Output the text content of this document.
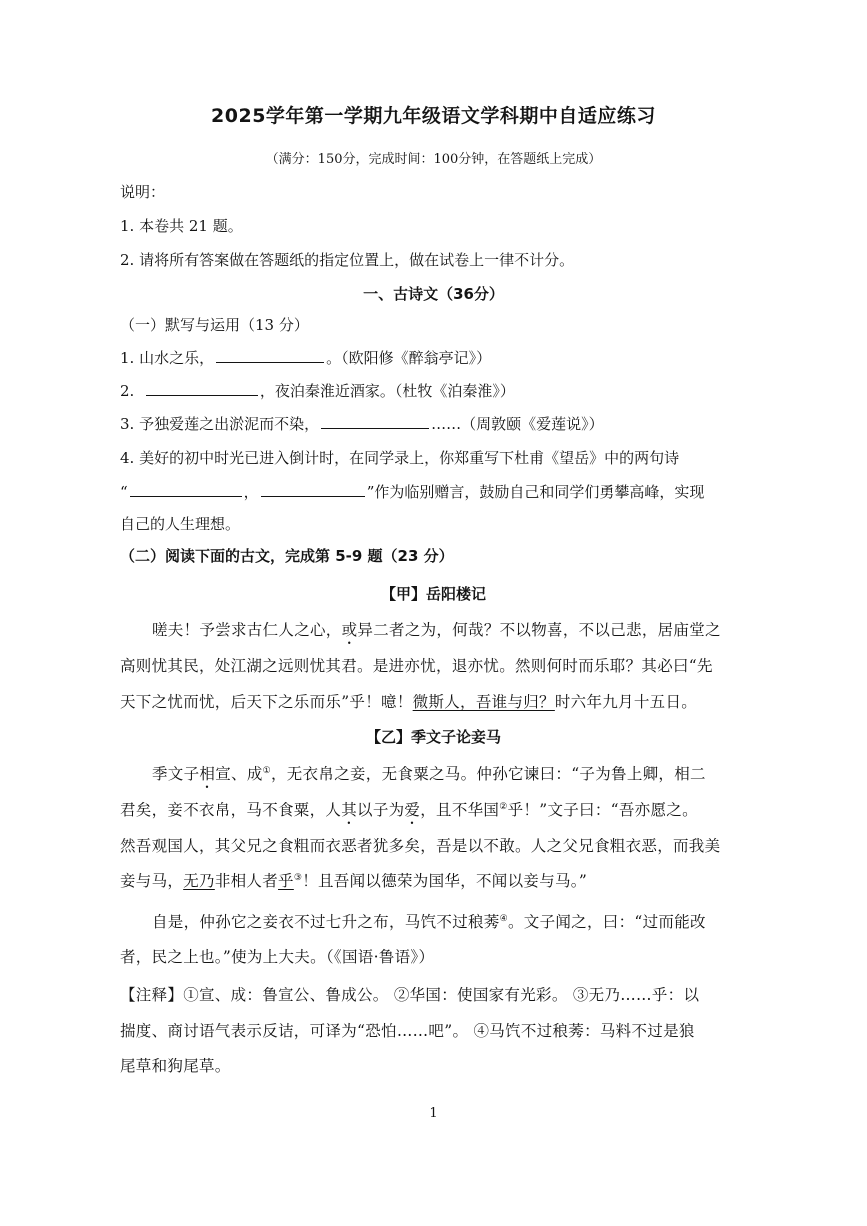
2025学年第一学期九年级语文学科期中自适应练习
（满分：150分，完成时间：100分钟，在答题纸上完成）
说明：
1. 本卷共 21 题。
2. 请将所有答案做在答题纸的指定位置上，做在试卷上一律不计分。
一、古诗文（36分）
（一）默写与运用（13 分）
1. 山水之乐，	。（欧阳修《醉翁亭记》）
2.	，夜泊秦淮近酒家。（杜牧《泊秦淮》）
3. 予独爱莲之出淤泥而不染，	……（周敦颐《爱莲说》）
4. 美好的初中时光已进入倒计时，在同学录上，你郑重写下杜甫《望岳》中的两句诗
“	，	”作为临别赠言，鼓励自己和同学们勇攀高峰，实现
自己的人生理想。
（二）阅读下面的古文，完成第 5-9 题（23 分）
【甲】岳阳楼记
嗟夫！予尝求古仁人之心，或异二者之为，何哉？不以物喜，不以己悲，居庙堂之
高则忧其民，处江湖之远则忧其君。是进亦忧，退亦忧。然则何时而乐耶？其必曰“先
天下之忧而忧，后天下之乐而乐”乎！噫！微斯人，吾谁与归？时六年九月十五日。
【乙】季文子论妾马
季文子相宣、成①，无衣帛之妾，无食粟之马。仲孙它谏曰：“子为鲁上卿，相二
君矣，妾不衣帛，马不食粟，人其以子为爱，且不华国②乎！”文子曰：“吾亦愿之。
然吾观国人，其父兄之食粗而衣恶者犹多矣，吾是以不敢。人之父兄食粗衣恶，而我美
妾与马，无乃非相人者乎③！且吾闻以德荣为国华，不闻以妾与马。”
自是，仲孙它之妾衣不过七升之布，马饩不过稂莠④。文子闻之，曰：“过而能改
者，民之上也。”使为上大夫。（《国语·鲁语》）
【注释】①宣、成：鲁宣公、鲁成公。 ②华国：使国家有光彩。 ③无乃……乎：以
揣度、商讨语气表示反诘，可译为“恐怕……吧”。 ④马饩不过稂莠：马料不过是狼
尾草和狗尾草。
1
